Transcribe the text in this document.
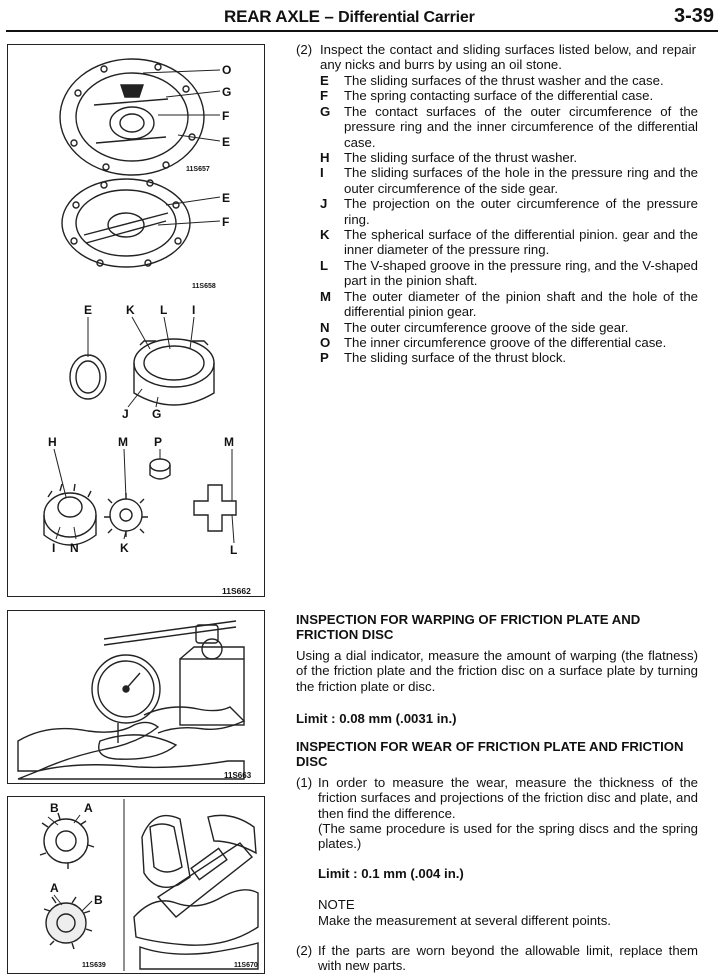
REAR AXLE – Differential Carrier	3-39
11S657
11S658
11S662
O
G
F
E
E
F
E	K L I
J G
H	M P	M
I N	K	L
11S663
11S639	11S670
B A
A
B
(2) Inspect the contact and sliding surfaces listed below, and repair any nicks and burrs by using an oil stone.
E The sliding surfaces of the thrust washer and the case.
F The spring contacting surface of the differential case.
G The contact surfaces of the outer circumference of the pressure ring and the inner circumference of the differential case.
H The sliding surface of the thrust washer.
I The sliding surfaces of the hole in the pressure ring and the outer circumference of the side gear.
J The projection on the outer circumference of the pressure ring.
K The spherical surface of the differential pinion. gear and the inner diameter of the pressure ring.
L The V-shaped groove in the pressure ring, and the V-shaped part in the pinion shaft.
M The outer diameter of the pinion shaft and the hole of the differential pinion gear.
N The outer circumference groove of the side gear.
O The inner circumference groove of the differential case.
P The sliding surface of the thrust block.
INSPECTION FOR WARPING OF FRICTION PLATE AND FRICTION DISC
Using a dial indicator, measure the amount of warping (the flatness) of the friction plate and the friction disc on a surface plate by turning the friction plate or disc.
Limit : 0.08 mm (.0031 in.)
INSPECTION FOR WEAR OF FRICTION PLATE AND FRICTION DISC
(1) In order to measure the wear, measure the thickness of the friction surfaces and projections of the friction disc and plate, and then find the difference.
(The same procedure is used for the spring discs and the spring plates.)
Limit : 0.1 mm (.004 in.)
NOTE
Make the measurement at several different points.
(2) If the parts are worn beyond the allowable limit, replace them with new parts.
